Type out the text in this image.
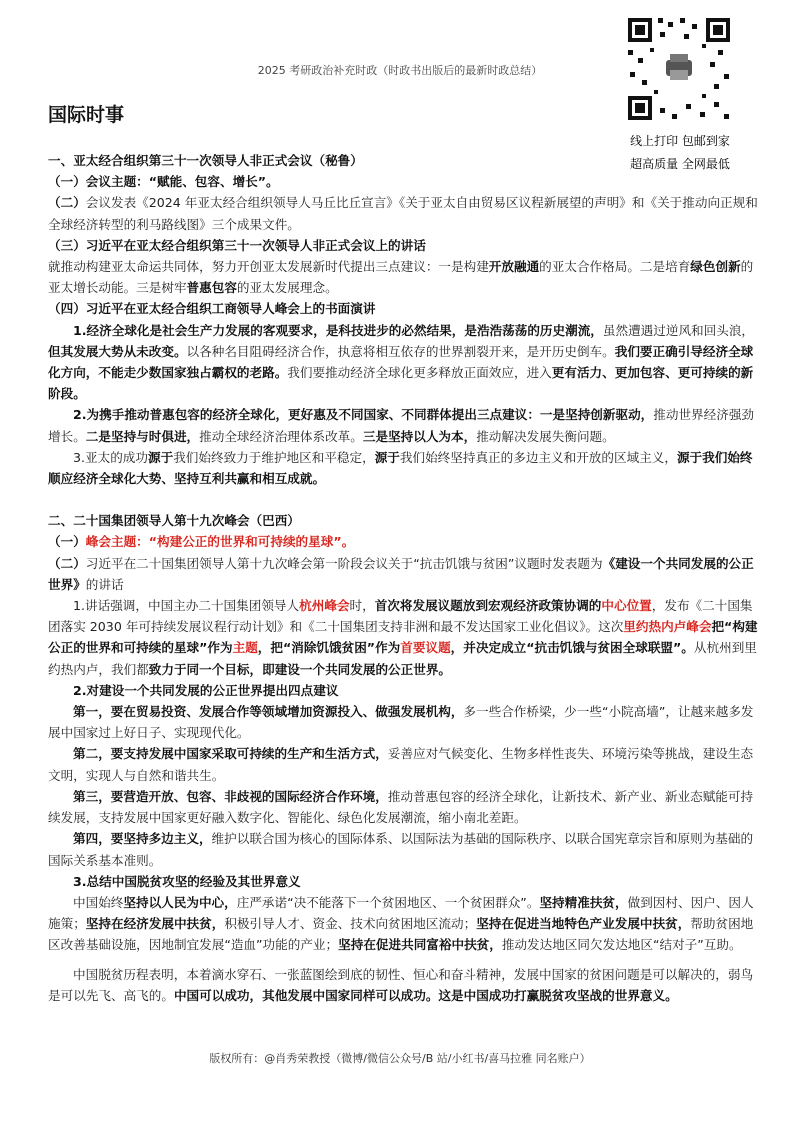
2025 考研政治补充时政（时政书出版后的最新时政总结）
线上打印 包邮到家
超高质量 全网最低
国际时事

一、亚太经合组织第三十一次领导人非正式会议（秘鲁）

（一）会议主题：“赋能、包容、增长”。

（二）会议发表《2024 年亚太经合组织领导人马丘比丘宣言》《关于亚太自由贸易区议程新展望的声明》和《关于推动向正规和全球经济转型的利马路线图》三个成果文件。

（三）习近平在亚太经合组织第三十一次领导人非正式会议上的讲话

就推动构建亚太命运共同体，努力开创亚太发展新时代提出三点建议：一是构建开放融通的亚太合作格局。二是培育绿色创新的亚太增长动能。三是树牢普惠包容的亚太发展理念。

（四）习近平在亚太经合组织工商领导人峰会上的书面演讲

1.经济全球化是社会生产力发展的客观要求，是科技进步的必然结果，是浩浩荡荡的历史潮流，虽然遭遇过逆风和回头浪，但其发展大势从未改变。以各种名目阻碍经济合作，执意将相互依存的世界割裂开来，是开历史倒车。我们要正确引导经济全球化方向，不能走少数国家独占霸权的老路。我们要推动经济全球化更多释放正面效应，进入更有活力、更加包容、更可持续的新阶段。

2.为携手推动普惠包容的经济全球化，更好惠及不同国家、不同群体提出三点建议：一是坚持创新驱动，推动世界经济强劲增长。二是坚持与时俱进，推动全球经济治理体系改革。三是坚持以人为本，推动解决发展失衡问题。

3.亚太的成功源于我们始终致力于维护地区和平稳定，源于我们始终坚持真正的多边主义和开放的区域主义，源于我们始终顺应经济全球化大势、坚持互利共赢和相互成就。

二、二十国集团领导人第十九次峰会（巴西）

（一）峰会主题：“构建公正的世界和可持续的星球”。

（二）习近平在二十国集团领导人第十九次峰会第一阶段会议关于“抗击饥饿与贫困”议题时发表题为《建设一个共同发展的公正世界》的讲话

1.讲话强调，中国主办二十国集团领导人杭州峰会时，首次将发展议题放到宏观经济政策协调的中心位置，发布《二十国集团落实 2030 年可持续发展议程行动计划》和《二十国集团支持非洲和最不发达国家工业化倡议》。这次里约热内卢峰会把“构建公正的世界和可持续的星球”作为主题，把“消除饥饿贫困”作为首要议题，并决定成立“抗击饥饿与贫困全球联盟”。从杭州到里约热内卢，我们都致力于同一个目标，即建设一个共同发展的公正世界。

2.对建设一个共同发展的公正世界提出四点建议

第一，要在贸易投资、发展合作等领域增加资源投入、做强发展机构，多一些合作桥梁，少一些“小院高墙”，让越来越多发展中国家过上好日子、实现现代化。

第二，要支持发展中国家采取可持续的生产和生活方式，妥善应对气候变化、生物多样性丧失、环境污染等挑战，建设生态文明，实现人与自然和谐共生。

第三，要营造开放、包容、非歧视的国际经济合作环境，推动普惠包容的经济全球化，让新技术、新产业、新业态赋能可持续发展，支持发展中国家更好融入数字化、智能化、绿色化发展潮流，缩小南北差距。

第四，要坚持多边主义，维护以联合国为核心的国际体系、以国际法为基础的国际秩序、以联合国宪章宗旨和原则为基础的国际关系基本准则。

3.总结中国脱贫攻坚的经验及其世界意义

中国始终坚持以人民为中心，庄严承诺“决不能落下一个贫困地区、一个贫困群众”。坚持精准扶贫，做到因村、因户、因人施策；坚持在经济发展中扶贫，积极引导人才、资金、技术向贫困地区流动；坚持在促进当地特色产业发展中扶贫，帮助贫困地区改善基础设施，因地制宜发展“造血”功能的产业；坚持在促进共同富裕中扶贫，推动发达地区同欠发达地区“结对子”互助。

中国脱贫历程表明，本着滴水穿石、一张蓝图绘到底的韧性、恒心和奋斗精神，发展中国家的贫困问题是可以解决的，弱鸟是可以先飞、高飞的。中国可以成功，其他发展中国家同样可以成功。这是中国成功打赢脱贫攻坚战的世界意义。

版权所有：@肖秀荣教授（微博/微信公众号/B 站/小红书/喜马拉雅 同名账户）
